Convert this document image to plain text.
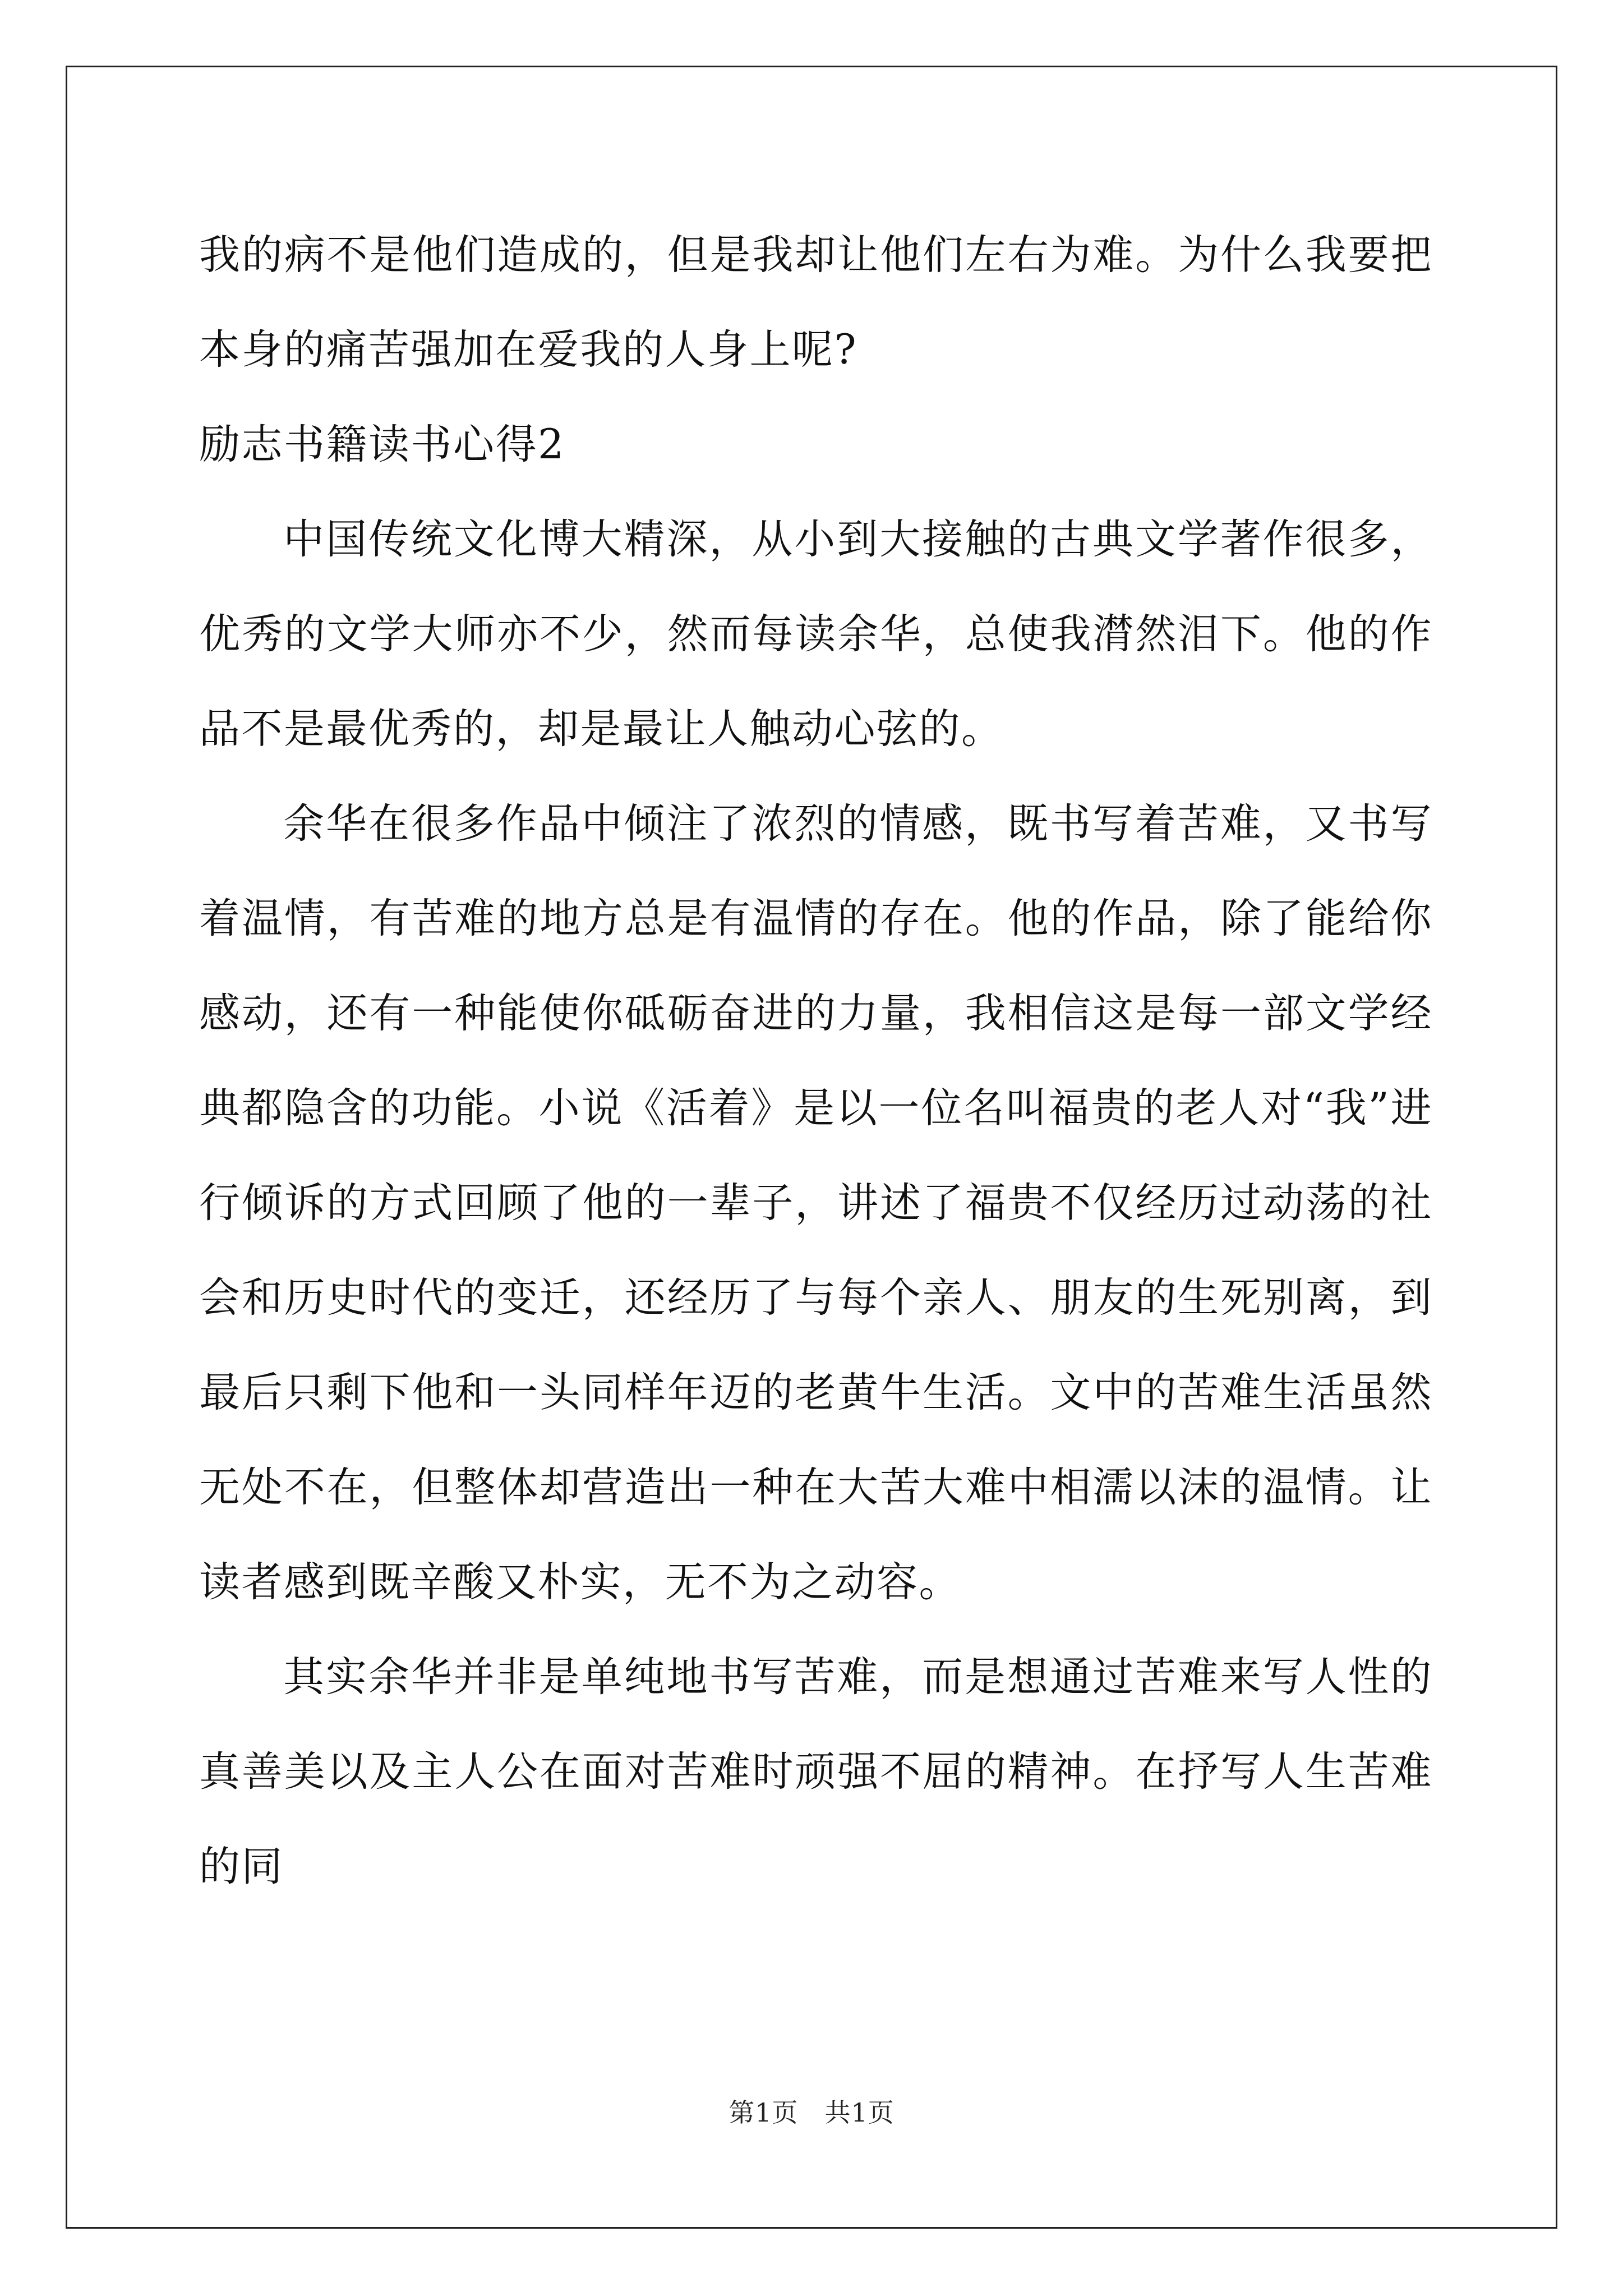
我的病不是他们造成的，但是我却让他们左右为难。为什么我要把本身的痛苦强加在爱我的人身上呢?

励志书籍读书心得2

中国传统文化博大精深，从小到大接触的古典文学著作很多，优秀的文学大师亦不少，然而每读余华，总使我潸然泪下。他的作品不是最优秀的，却是最让人触动心弦的。

余华在很多作品中倾注了浓烈的情感，既书写着苦难，又书写着温情，有苦难的地方总是有温情的存在。他的作品，除了能给你感动，还有一种能使你砥砺奋进的力量，我相信这是每一部文学经典都隐含的功能。小说《活着》是以一位名叫福贵的老人对“我”进行倾诉的方式回顾了他的一辈子，讲述了福贵不仅经历过动荡的社会和历史时代的变迁，还经历了与每个亲人、朋友的生死别离，到最后只剩下他和一头同样年迈的老黄牛生活。文中的苦难生活虽然无处不在，但整体却营造出一种在大苦大难中相濡以沫的温情。让读者感到既辛酸又朴实，无不为之动容。

其实余华并非是单纯地书写苦难，而是想通过苦难来写人性的真善美以及主人公在面对苦难时顽强不屈的精神。在抒写人生苦难的同

第1页　共1页
